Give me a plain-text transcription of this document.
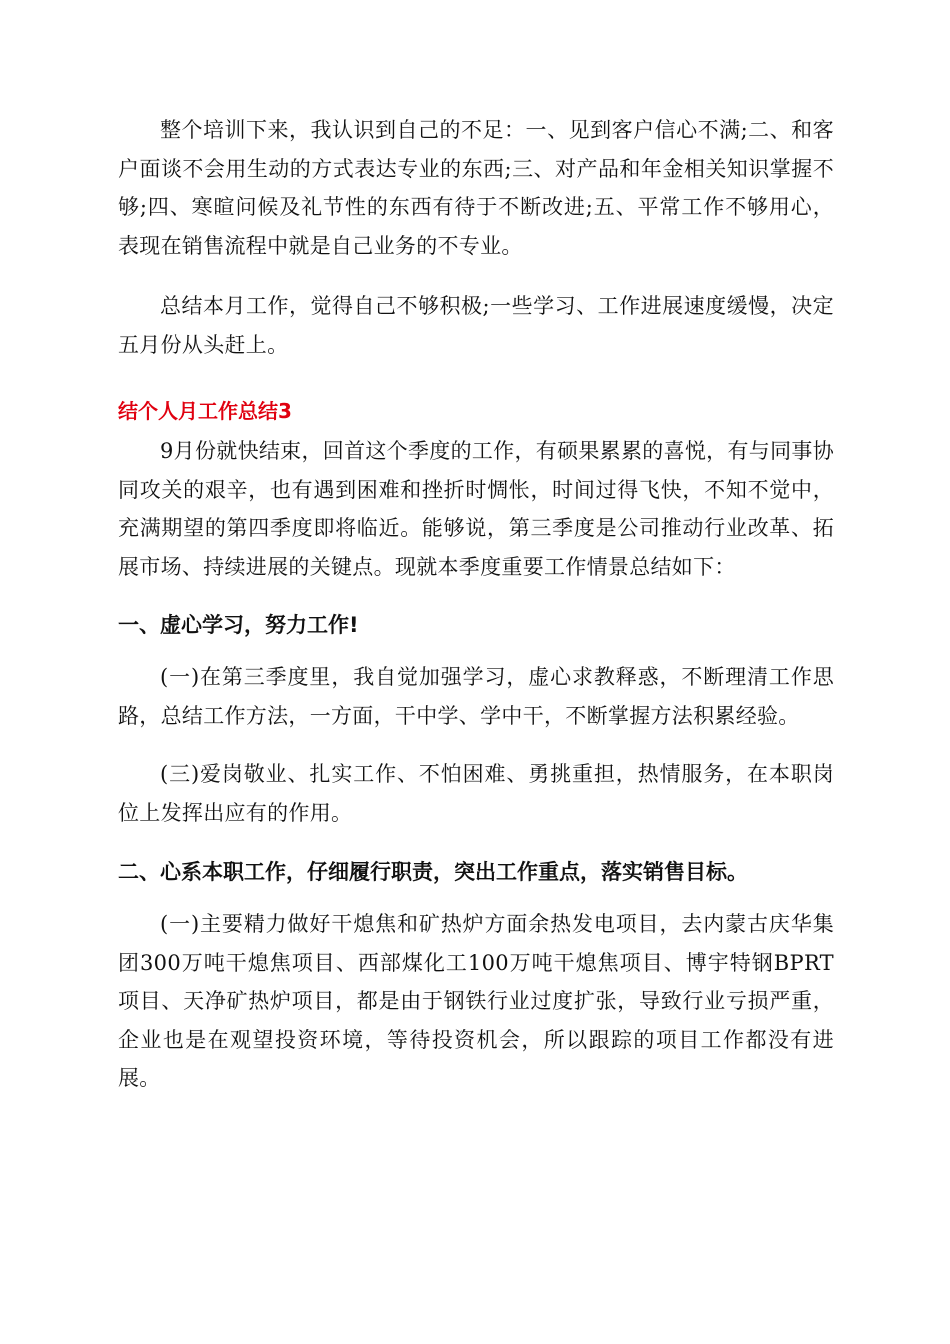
整个培训下来，我认识到自己的不足：一、见到客户信心不满;二、和客户面谈不会用生动的方式表达专业的东西;三、对产品和年金相关知识掌握不够;四、寒暄问候及礼节性的东西有待于不断改进;五、平常工作不够用心，表现在销售流程中就是自己业务的不专业。

总结本月工作，觉得自己不够积极;一些学习、工作进展速度缓慢，决定五月份从头赶上。

结个人月工作总结3

9月份就快结束，回首这个季度的工作，有硕果累累的喜悦，有与同事协同攻关的艰辛，也有遇到困难和挫折时惆怅，时间过得飞快，不知不觉中，充满期望的第四季度即将临近。能够说，第三季度是公司推动行业改革、拓展市场、持续进展的关键点。现就本季度重要工作情景总结如下：

一、虚心学习，努力工作!

(一)在第三季度里，我自觉加强学习，虚心求教释惑，不断理清工作思路，总结工作方法，一方面，干中学、学中干，不断掌握方法积累经验。

(三)爱岗敬业、扎实工作、不怕困难、勇挑重担，热情服务，在本职岗位上发挥出应有的作用。

二、心系本职工作，仔细履行职责，突出工作重点，落实销售目标。

(一)主要精力做好干熄焦和矿热炉方面余热发电项目，去内蒙古庆华集团300万吨干熄焦项目、西部煤化工100万吨干熄焦项目、博宇特钢BPRT项目、天净矿热炉项目，都是由于钢铁行业过度扩张，导致行业亏损严重，企业也是在观望投资环境，等待投资机会，所以跟踪的项目工作都没有进展。
